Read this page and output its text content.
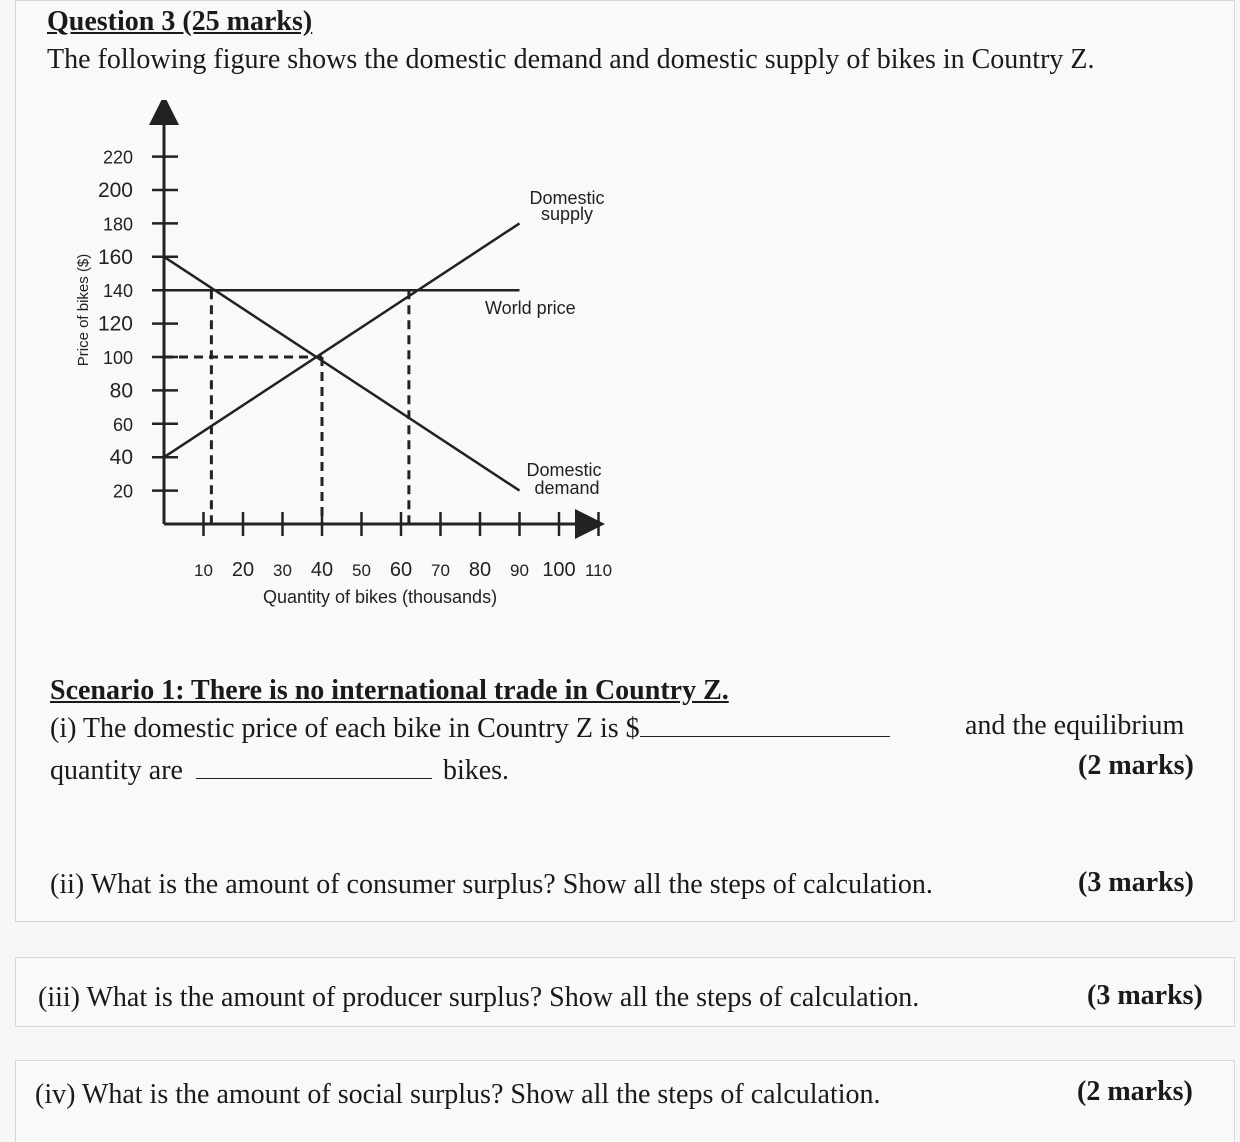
Question 3 (25 marks)
The following figure shows the domestic demand and domestic supply of bikes in Country Z.
20
40
60
80
100
120
140
160
180
200
220
10 20 30 40 50 60 70 80 90 100 110
Price of bikes ($)
Quantity of bikes (thousands)
Domestic
supply
World price
Domestic
demand
Scenario 1: There is no international trade in Country Z.
(i) The domestic price of each bike in Country Z is $	and the equilibrium
quantity are	bikes.	(2 marks)
(ii) What is the amount of consumer surplus? Show all the steps of calculation.	(3 marks)
(iii) What is the amount of producer surplus? Show all the steps of calculation.	(3 marks)
(iv) What is the amount of social surplus? Show all the steps of calculation.	(2 marks)
